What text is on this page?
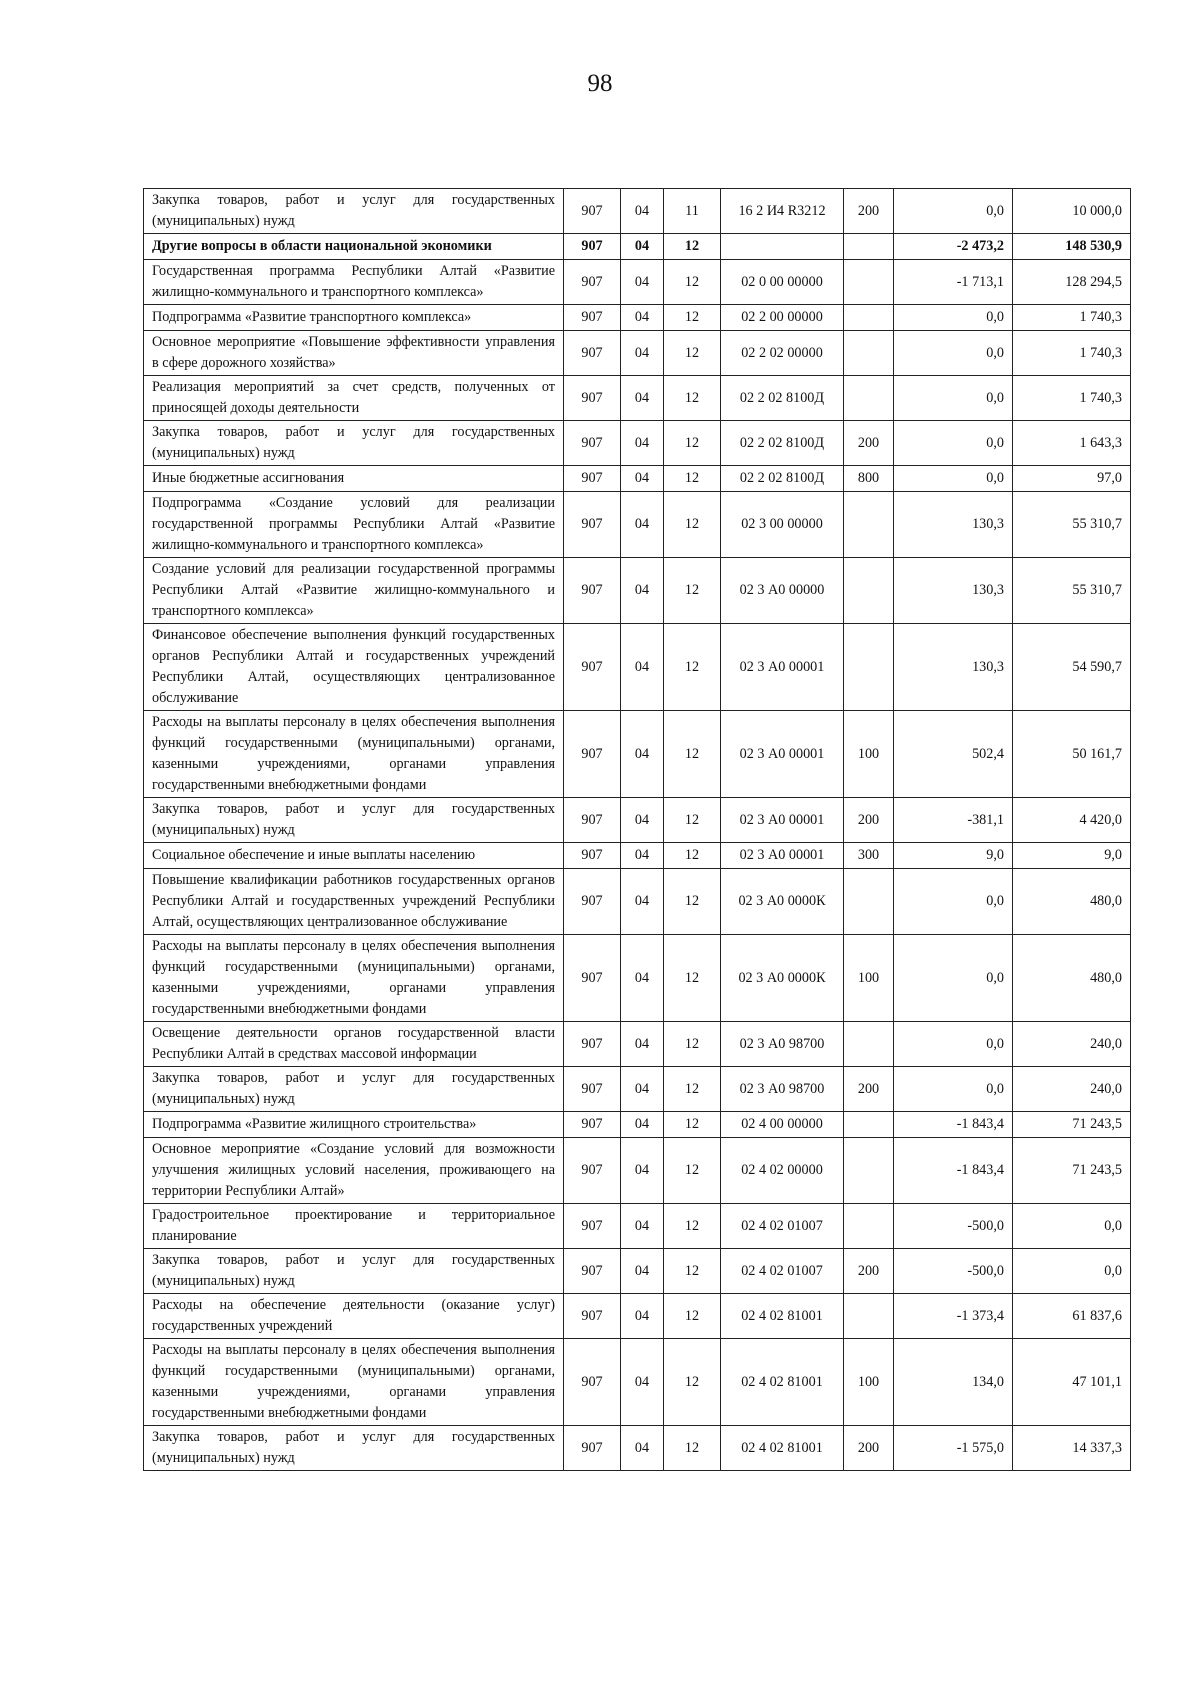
98
Закупка товаров, работ и услуг для государственных (муниципальных) нужд	907	04	11	16 2 И4 R3212	200	0,0	10 000,0
Другие вопросы в области национальной экономики	907	04	12			-2 473,2	148 530,9
Государственная программа Республики Алтай «Развитие жилищно-коммунального и транспортного комплекса»	907	04	12	02 0 00 00000		-1 713,1	128 294,5
Подпрограмма «Развитие транспортного комплекса»	907	04	12	02 2 00 00000		0,0	1 740,3
Основное мероприятие «Повышение эффективности управления в сфере дорожного хозяйства»	907	04	12	02 2 02 00000		0,0	1 740,3
Реализация мероприятий за счет средств, полученных от приносящей доходы деятельности	907	04	12	02 2 02 8100Д		0,0	1 740,3
Закупка товаров, работ и услуг для государственных (муниципальных) нужд	907	04	12	02 2 02 8100Д	200	0,0	1 643,3
Иные бюджетные ассигнования	907	04	12	02 2 02 8100Д	800	0,0	97,0
Подпрограмма «Создание условий для реализации государственной программы Республики Алтай «Развитие жилищно-коммунального и транспортного комплекса»	907	04	12	02 3 00 00000		130,3	55 310,7
Создание условий для реализации государственной программы Республики Алтай «Развитие жилищно-коммунального и транспортного комплекса»	907	04	12	02 3 А0 00000		130,3	55 310,7
Финансовое обеспечение выполнения функций государственных органов Республики Алтай и государственных учреждений Республики Алтай, осуществляющих централизованное обслуживание	907	04	12	02 3 А0 00001		130,3	54 590,7
Расходы на выплаты персоналу в целях обеспечения выполнения функций государственными (муниципальными) органами, казенными учреждениями, органами управления государственными внебюджетными фондами	907	04	12	02 3 А0 00001	100	502,4	50 161,7
Закупка товаров, работ и услуг для государственных (муниципальных) нужд	907	04	12	02 3 А0 00001	200	-381,1	4 420,0
Социальное обеспечение и иные выплаты населению	907	04	12	02 3 А0 00001	300	9,0	9,0
Повышение квалификации работников государственных органов Республики Алтай и государственных учреждений Республики Алтай, осуществляющих централизованное обслуживание	907	04	12	02 3 А0 0000К		0,0	480,0
Расходы на выплаты персоналу в целях обеспечения выполнения функций государственными (муниципальными) органами, казенными учреждениями, органами управления государственными внебюджетными фондами	907	04	12	02 3 А0 0000К	100	0,0	480,0
Освещение деятельности органов государственной власти Республики Алтай в средствах массовой информации	907	04	12	02 3 А0 98700		0,0	240,0
Закупка товаров, работ и услуг для государственных (муниципальных) нужд	907	04	12	02 3 А0 98700	200	0,0	240,0
Подпрограмма «Развитие жилищного строительства»	907	04	12	02 4 00 00000		-1 843,4	71 243,5
Основное мероприятие «Создание условий для возможности улучшения жилищных условий населения, проживающего на территории Республики Алтай»	907	04	12	02 4 02 00000		-1 843,4	71 243,5
Градостроительное проектирование и территориальное планирование	907	04	12	02 4 02 01007		-500,0	0,0
Закупка товаров, работ и услуг для государственных (муниципальных) нужд	907	04	12	02 4 02 01007	200	-500,0	0,0
Расходы на обеспечение деятельности (оказание услуг) государственных учреждений	907	04	12	02 4 02 81001		-1 373,4	61 837,6
Расходы на выплаты персоналу в целях обеспечения выполнения функций государственными (муниципальными) органами, казенными учреждениями, органами управления государственными внебюджетными фондами	907	04	12	02 4 02 81001	100	134,0	47 101,1
Закупка товаров, работ и услуг для государственных (муниципальных) нужд	907	04	12	02 4 02 81001	200	-1 575,0	14 337,3
